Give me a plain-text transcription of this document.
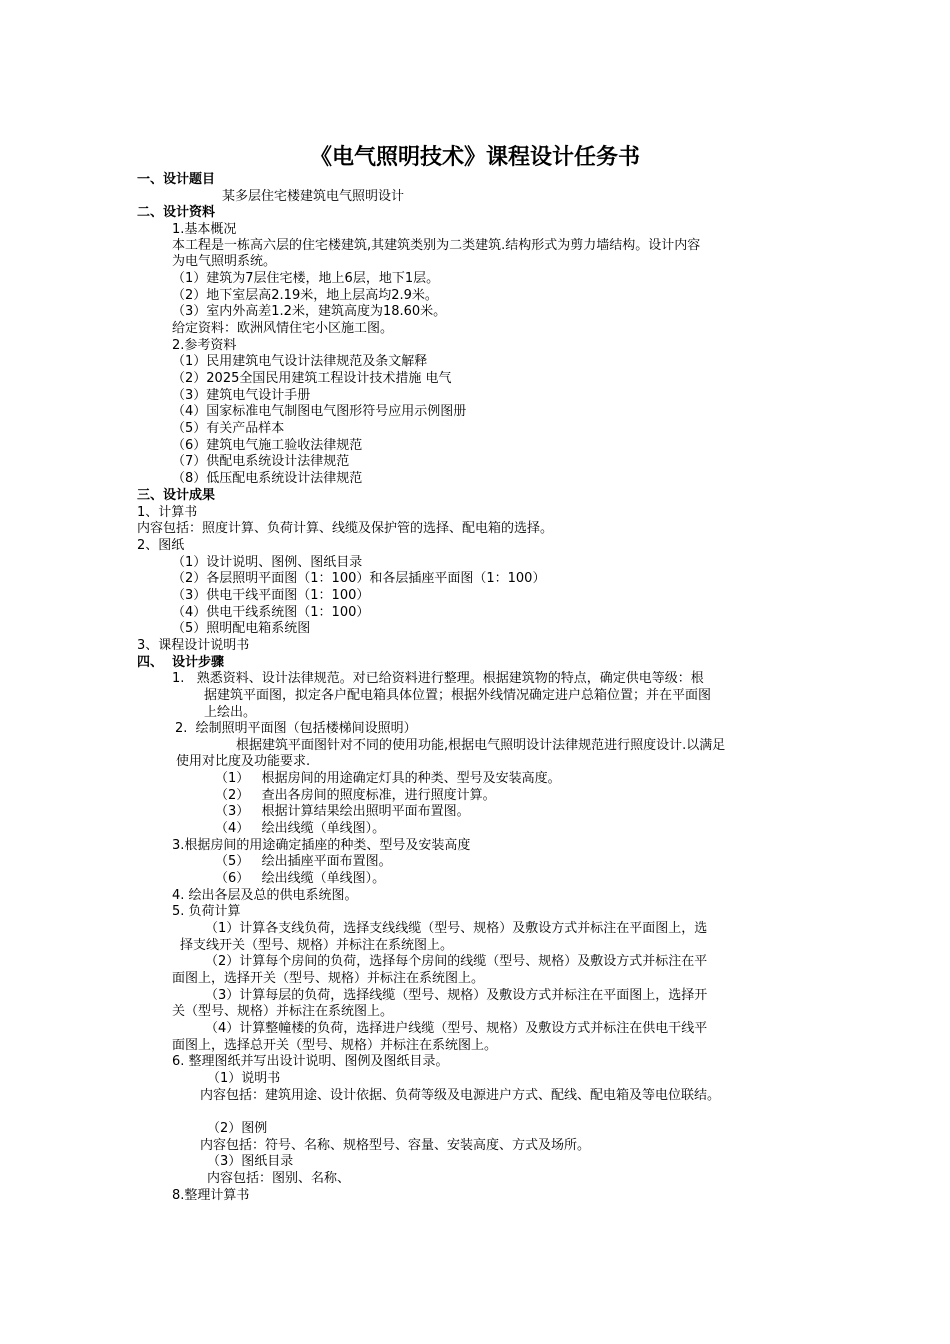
《电气照明技术》课程设计任务书
一、设计题目
某多层住宅楼建筑电气照明设计
二、设计资料
1.基本概况
本工程是一栋高六层的住宅楼建筑,其建筑类别为二类建筑.结构形式为剪力墙结构。设计内容
为电气照明系统。
（1）建筑为7层住宅楼，地上6层，地下1层。
（2）地下室层高2.19米，地上层高均2.9米。
（3）室内外高差1.2米，建筑高度为18.60米。
给定资料：欧洲风情住宅小区施工图。
2.参考资料
（1）民用建筑电气设计法律规范及条文解释
（2）2025全国民用建筑工程设计技术措施 电气
（3）建筑电气设计手册
（4）国家标准电气制图电气图形符号应用示例图册
（5）有关产品样本
（6）建筑电气施工验收法律规范
（7）供配电系统设计法律规范
（8）低压配电系统设计法律规范
三、设计成果
1、计算书
内容包括：照度计算、负荷计算、线缆及保护管的选择、配电箱的选择。
2、图纸
（1）设计说明、图例、图纸目录
（2）各层照明平面图（1：100）和各层插座平面图（1：100）
（3）供电干线平面图（1：100）
（4）供电干线系统图（1：100）
（5）照明配电箱系统图
3、课程设计说明书
四、  设计步骤
1.   熟悉资料、设计法律规范。对已给资料进行整理。根据建筑物的特点，确定供电等级：根
据建筑平面图，拟定各户配电箱具体位置；根据外线情况确定进户总箱位置；并在平面图
上绘出。
2.  绘制照明平面图（包括楼梯间设照明）
根据建筑平面图针对不同的使用功能,根据电气照明设计法律规范进行照度设计.以满足
使用对比度及功能要求.
（1）   根据房间的用途确定灯具的种类、型号及安装高度。
（2）   查出各房间的照度标准，进行照度计算。
（3）   根据计算结果绘出照明平面布置图。
（4）   绘出线缆（单线图）。
3.根据房间的用途确定插座的种类、型号及安装高度
（5）   绘出插座平面布置图。
（6）   绘出线缆（单线图）。
4. 绘出各层及总的供电系统图。
5. 负荷计算
（1）计算各支线负荷，选择支线线缆（型号、规格）及敷设方式并标注在平面图上，选
择支线开关（型号、规格）并标注在系统图上。
（2）计算每个房间的负荷，选择每个房间的线缆（型号、规格）及敷设方式并标注在平
面图上，选择开关（型号、规格）并标注在系统图上。
（3）计算每层的负荷，选择线缆（型号、规格）及敷设方式并标注在平面图上，选择开
关（型号、规格）并标注在系统图上。
（4）计算整幢楼的负荷，选择进户线缆（型号、规格）及敷设方式并标注在供电干线平
面图上，选择总开关（型号、规格）并标注在系统图上。
6. 整理图纸并写出设计说明、图例及图纸目录。
（1）说明书
内容包括：建筑用途、设计依据、负荷等级及电源进户方式、配线、配电箱及等电位联结。
（2）图例
内容包括：符号、名称、规格型号、容量、安装高度、方式及场所。
（3）图纸目录
内容包括：图别、名称、
8.整理计算书
